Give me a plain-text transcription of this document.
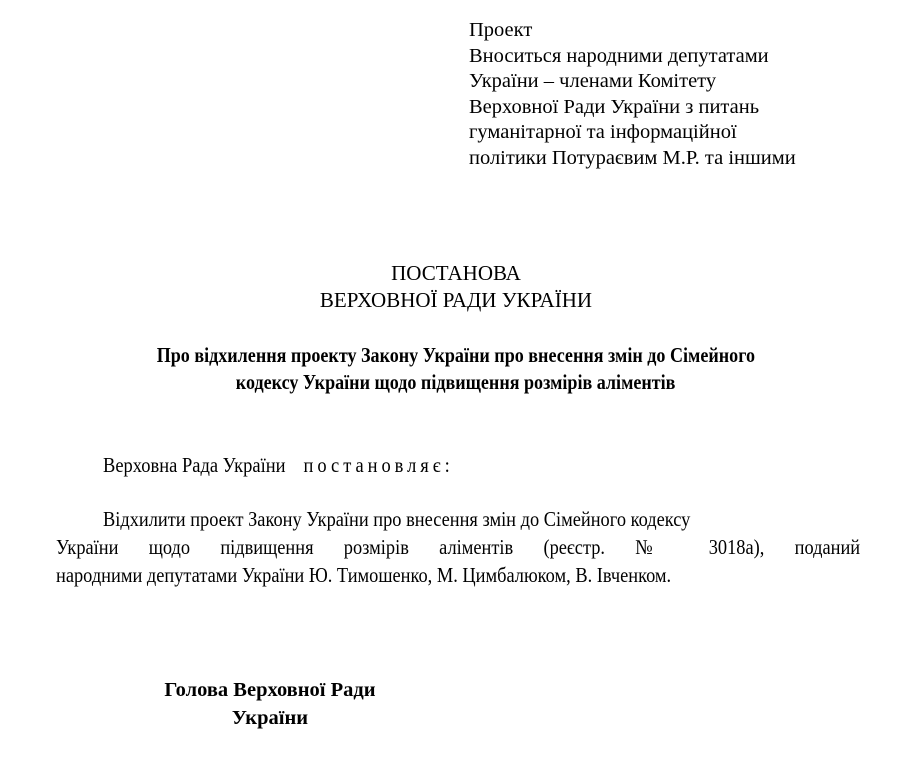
Проект
Вноситься народними депутатами
України – членами Комітету
Верховної Ради України з питань
гуманітарної та інформаційної
політики Потураєвим М.Р. та іншими
ПОСТАНОВА
ВЕРХОВНОЇ РАДИ УКРАЇНИ
Про відхилення проекту Закону України про внесення змін до Сімейного
кодексу України щодо підвищення розмірів аліментів
Верховна Рада України постановляє:
Відхилити проект Закону України про внесення змін до Сімейного кодексу
України щодо підвищення розмірів аліментів (реєстр. № 3018а), поданий
народними депутатами України Ю. Тимошенко, М. Цимбалюком, В. Івченком.
Голова Верховної Ради
України
